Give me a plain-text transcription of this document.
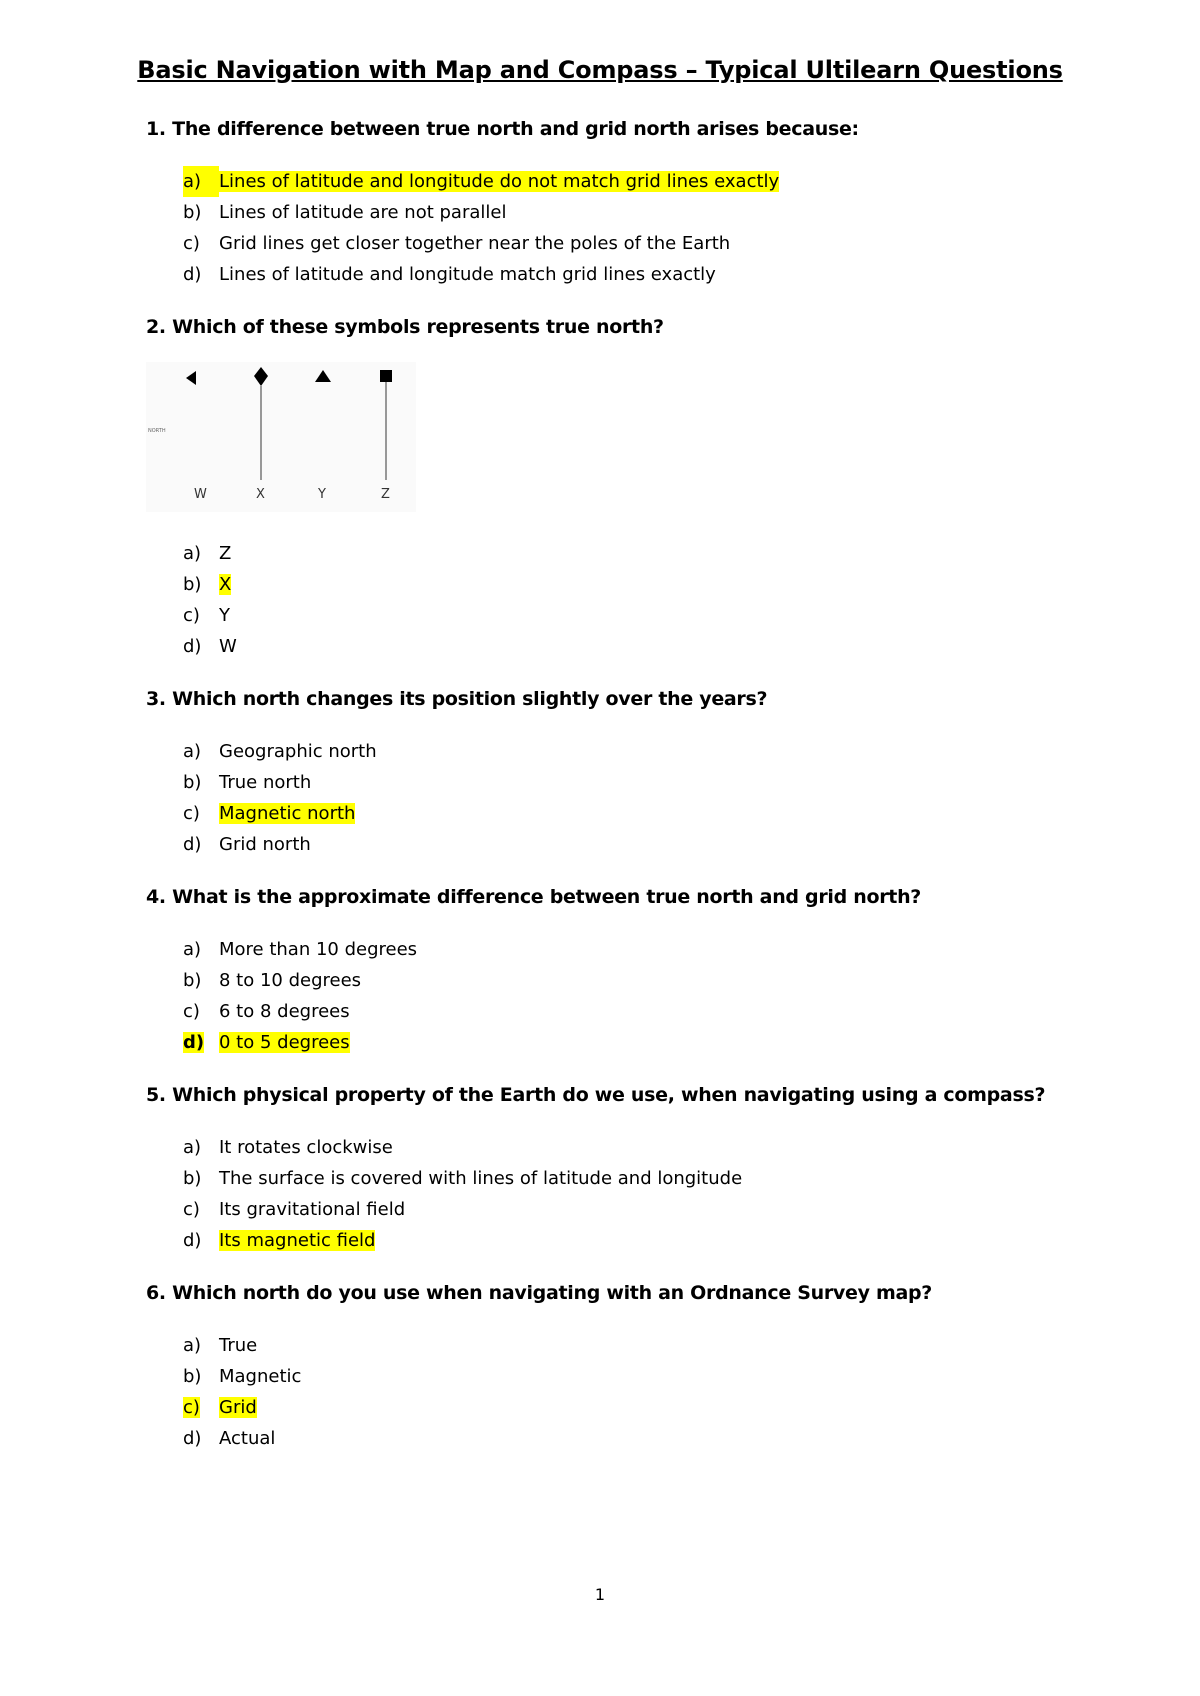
Basic Navigation with Map and Compass – Typical Ultilearn Questions
1. The difference between true north and grid north arises because:
a) Lines of latitude and longitude do not match grid lines exactly
b) Lines of latitude are not parallel
c) Grid lines get closer together near the poles of the Earth
d) Lines of latitude and longitude match grid lines exactly
2. Which of these symbols represents true north?
NORTH
W	X	Y	Z
a) Z
b) X
c) Y
d) W
3. Which north changes its position slightly over the years?
a) Geographic north
b) True north
c) Magnetic north
d) Grid north
4. What is the approximate difference between true north and grid north?
a) More than 10 degrees
b) 8 to 10 degrees
c) 6 to 8 degrees
d) 0 to 5 degrees
5. Which physical property of the Earth do we use, when navigating using a compass?
a) It rotates clockwise
b) The surface is covered with lines of latitude and longitude
c) Its gravitational field
d) Its magnetic field
6. Which north do you use when navigating with an Ordnance Survey map?
a) True
b) Magnetic
c) Grid
d) Actual
1
